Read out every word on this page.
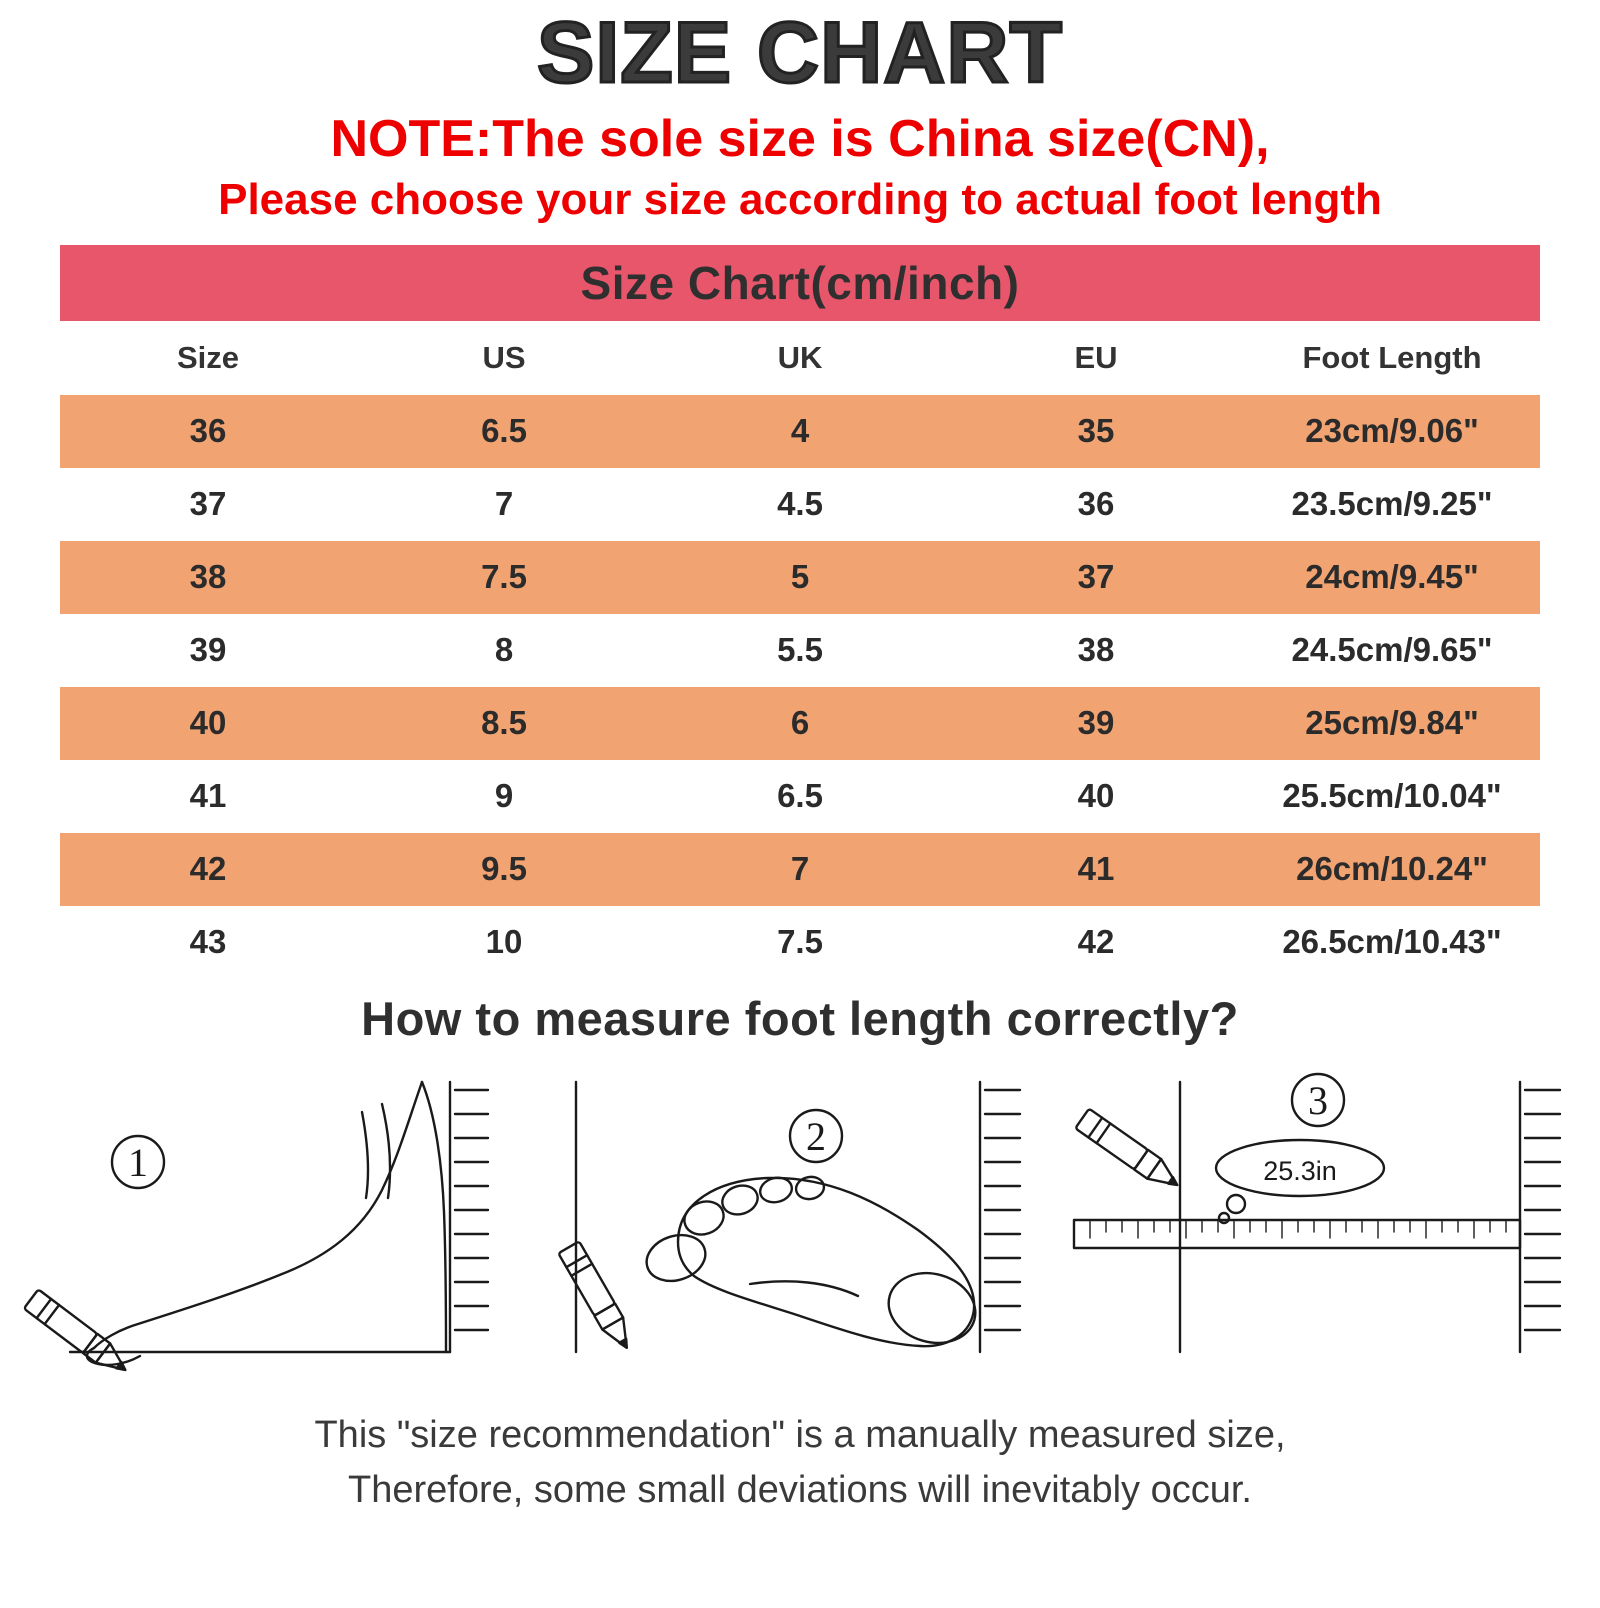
SIZE CHART
NOTE:The sole size is China size(CN),
Please choose your size according to actual foot length
Size Chart(cm/inch)				
Size	US	UK	EU	Foot Length
36	6.5	4	35	23cm/9.06"
37	7	4.5	36	23.5cm/9.25"
38	7.5	5	37	24cm/9.45"
39	8	5.5	38	24.5cm/9.65"
40	8.5	6	39	25cm/9.84"
41	9	6.5	40	25.5cm/10.04"
42	9.5	7	41	26cm/10.24"
43	10	7.5	42	26.5cm/10.43"
How to measure foot length correctly?
1
2
25.3in
3
This "size recommendation" is a manually measured size,
Therefore, some small deviations will inevitably occur.
